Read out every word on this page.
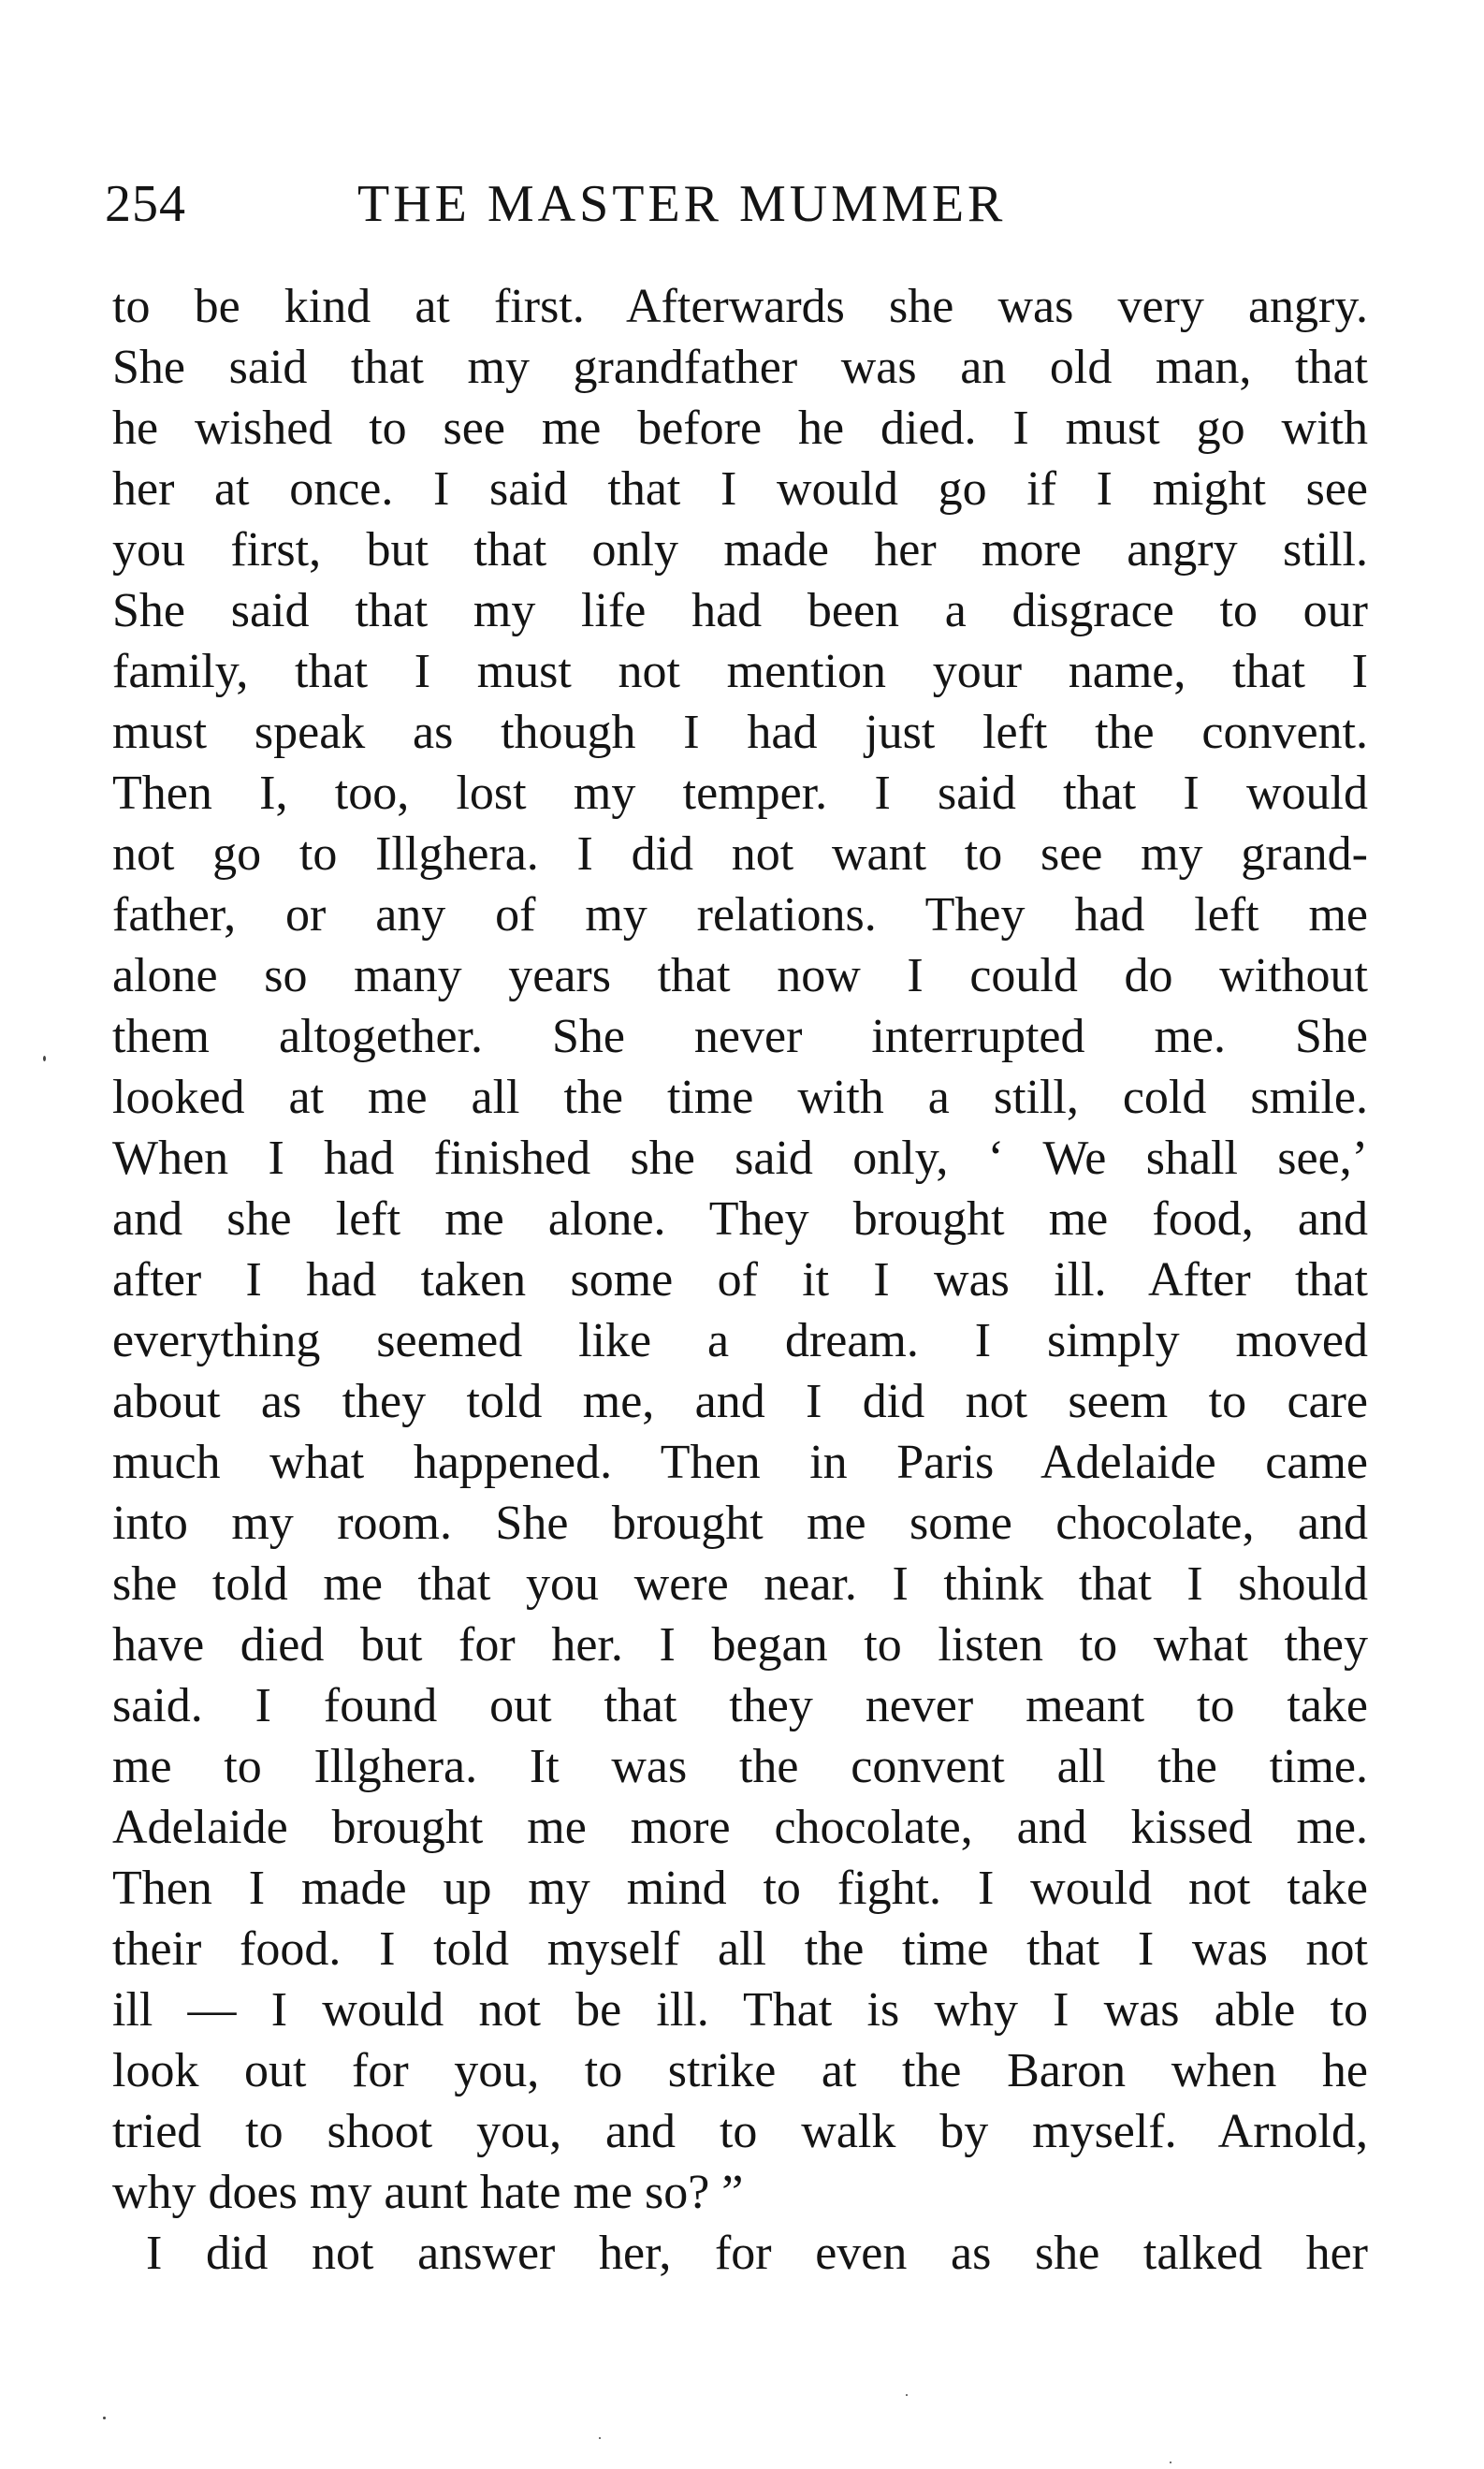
254	THE MASTER MUMMER
to be kind at first. Afterwards she was very angry.
She said that my grandfather was an old man, that
he wished to see me before he died. I must go with
her at once. I said that I would go if I might see
you first, but that only made her more angry still.
She said that my life had been a disgrace to our
family, that I must not mention your name, that I
must speak as though I had just left the convent.
Then I, too, lost my temper. I said that I would
not go to Illghera. I did not want to see my grand-
father, or any of my relations. They had left me
alone so many years that now I could do without
them altogether. She never interrupted me. She
looked at me all the time with a still, cold smile.
When I had finished she said only, ‘ We shall see,’
and she left me alone. They brought me food, and
after I had taken some of it I was ill. After that
everything seemed like a dream. I simply moved
about as they told me, and I did not seem to care
much what happened. Then in Paris Adelaide came
into my room. She brought me some chocolate, and
she told me that you were near. I think that I should
have died but for her. I began to listen to what they
said. I found out that they never meant to take
me to Illghera. It was the convent all the time.
Adelaide brought me more chocolate, and kissed me.
Then I made up my mind to fight. I would not take
their food. I told myself all the time that I was not
ill — I would not be ill. That is why I was able to
look out for you, to strike at the Baron when he
tried to shoot you, and to walk by myself. Arnold,
why does my aunt hate me so? ”
I did not answer her, for even as she talked her
